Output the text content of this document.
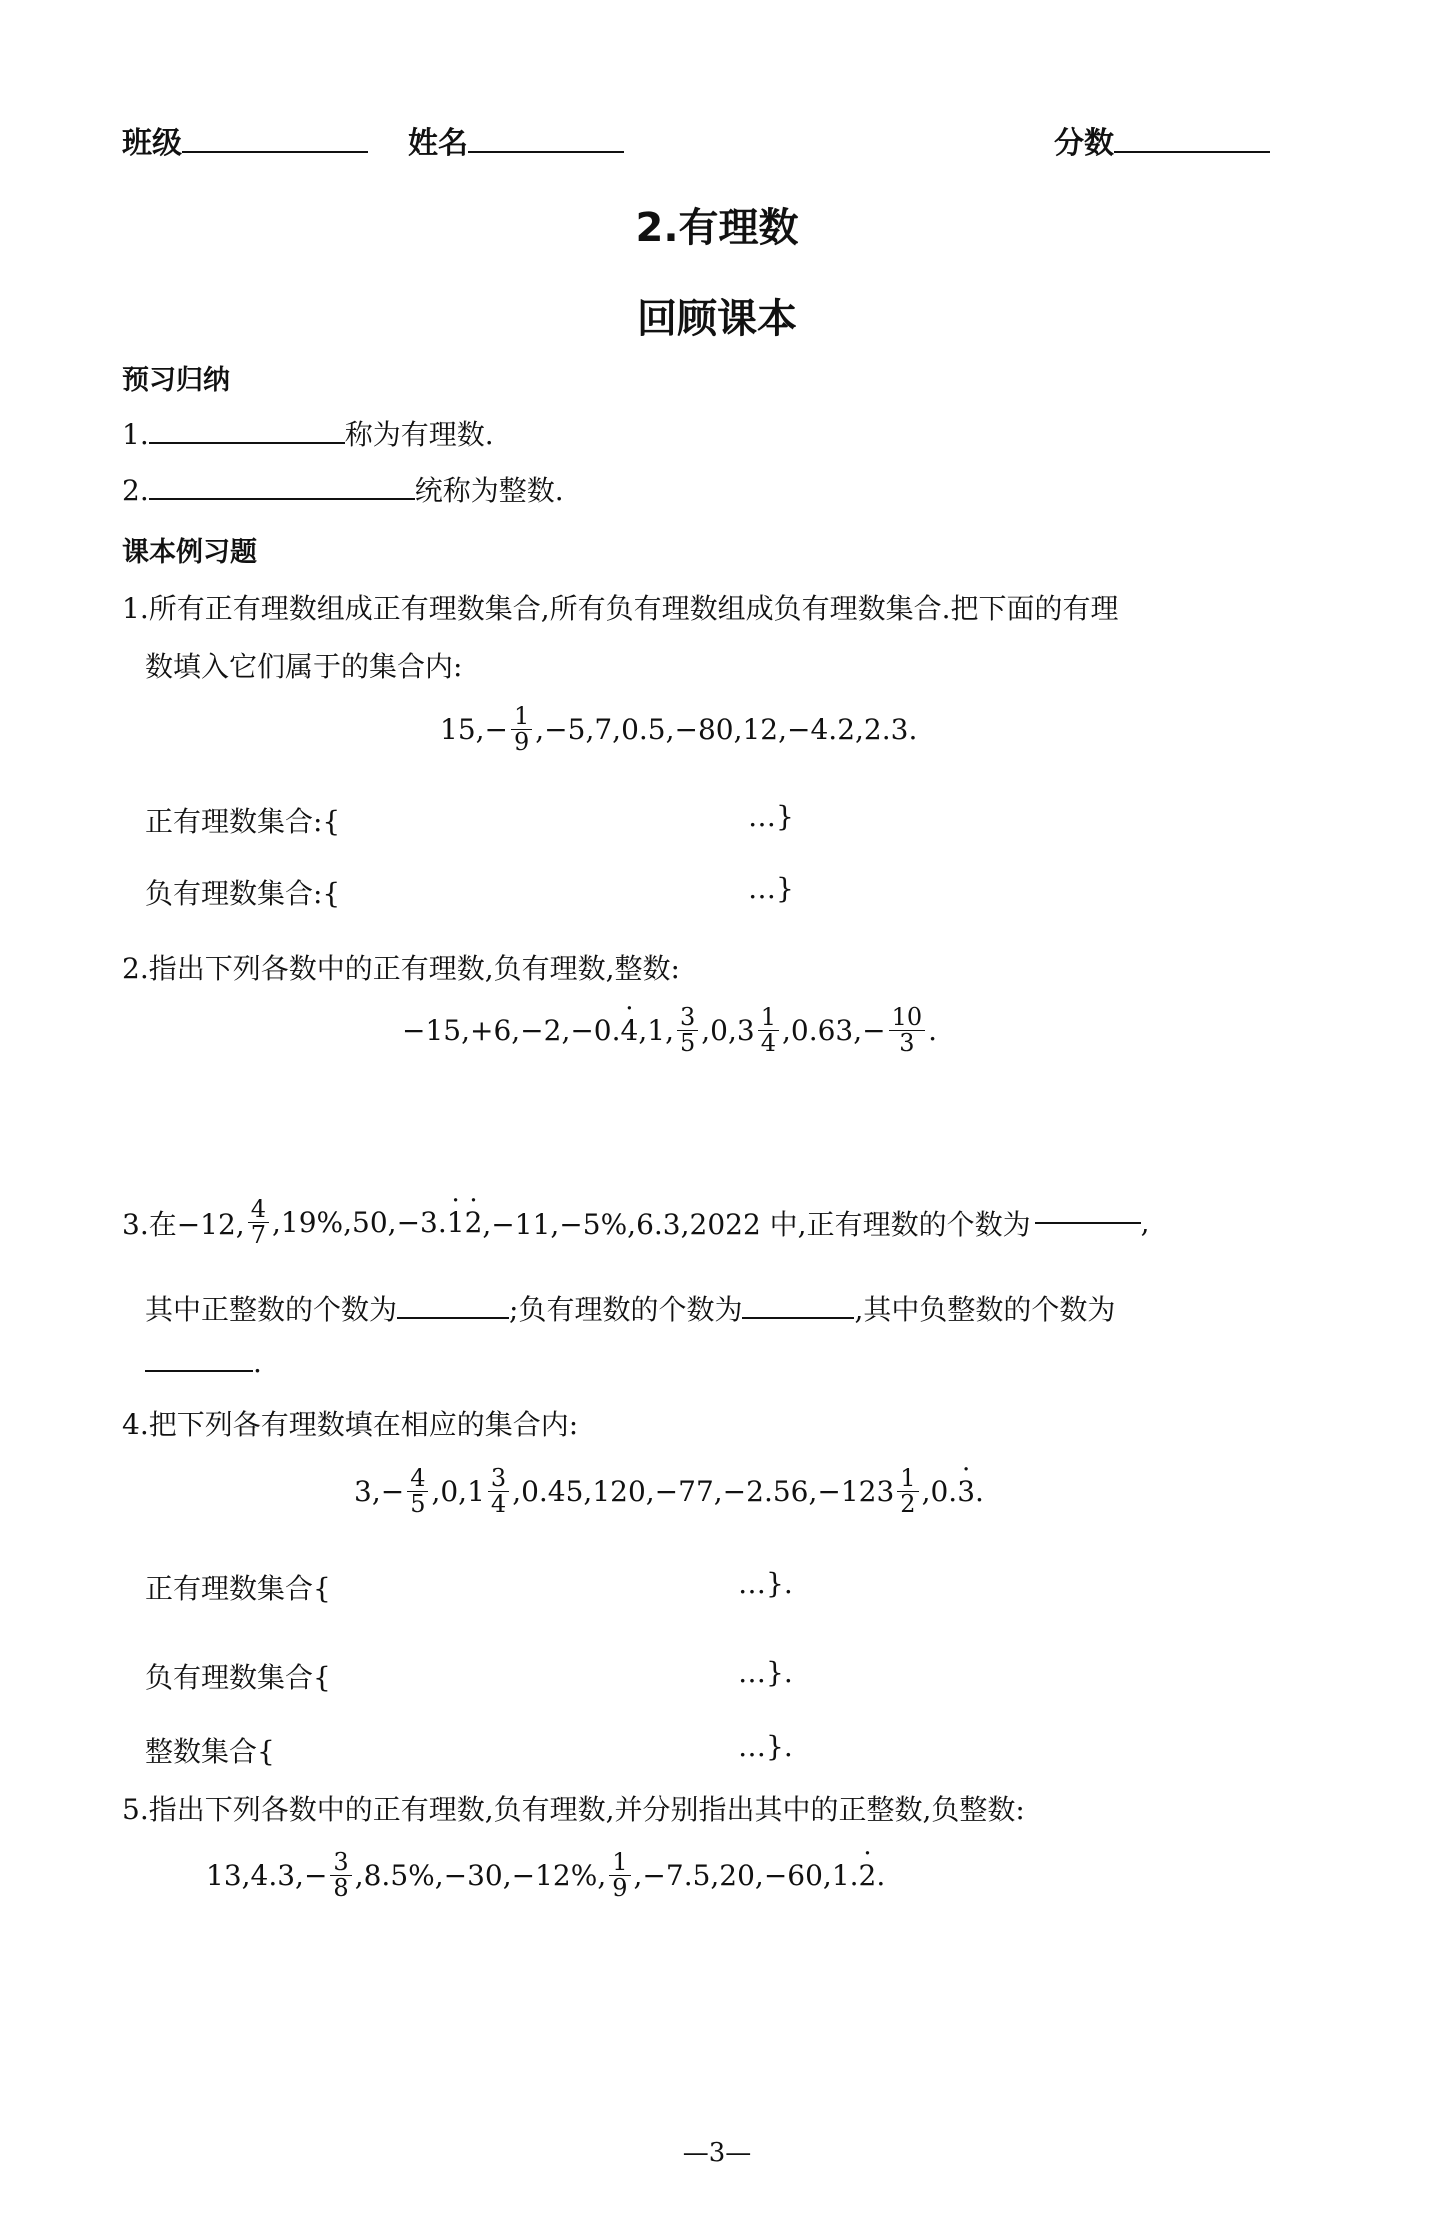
班级	姓名	分数
2.有理数
回顾课本
预习归纳
1.	称为有理数.
2.	统称为整数.
课本例习题
1.所有正有理数组成正有理数集合,所有负有理数组成负有理数集合.把下面的有理
数填入它们属于的集合内:
$15,- \frac{1}{9} ,-5,7,0.5,-80,12,-4.2,2.3$.
正有理数集合:{	…}
负有理数集合:{	…}
2.指出下列各数中的正有理数,负有理数,整数:
−15,+6,−2,−0. · 4 ,1, $\frac{3}{5} ,0,3 \frac{1}{4} ,0.63,- \frac{10}{3}$ .
3.在−12, $\frac{4}{7} ,19\%,50,-3$. · 1 · 2 ,−11,−5%,6.3,2022 中,正有理数的个数为	,
其中正整数的个数为	;负有理数的个数为	,其中负整数的个数为
.
4.把下列各有理数填在相应的集合内:
$3,- \frac{4}{5} ,0,1 \frac{3}{4} ,0.45,120,-77,-2.56,-123 \frac{1}{2} ,0$. · 3 .
正有理数集合{	…}.
负有理数集合{	…}.
整数集合{	…}.
5.指出下列各数中的正有理数,负有理数,并分别指出其中的正整数,负整数:
$13,4.3,- \frac{3}{8} ,8.5\%,-30,-12\%$, $\frac{1}{9} ,-7.5,20,-60,1$. · 2 .
—3—
